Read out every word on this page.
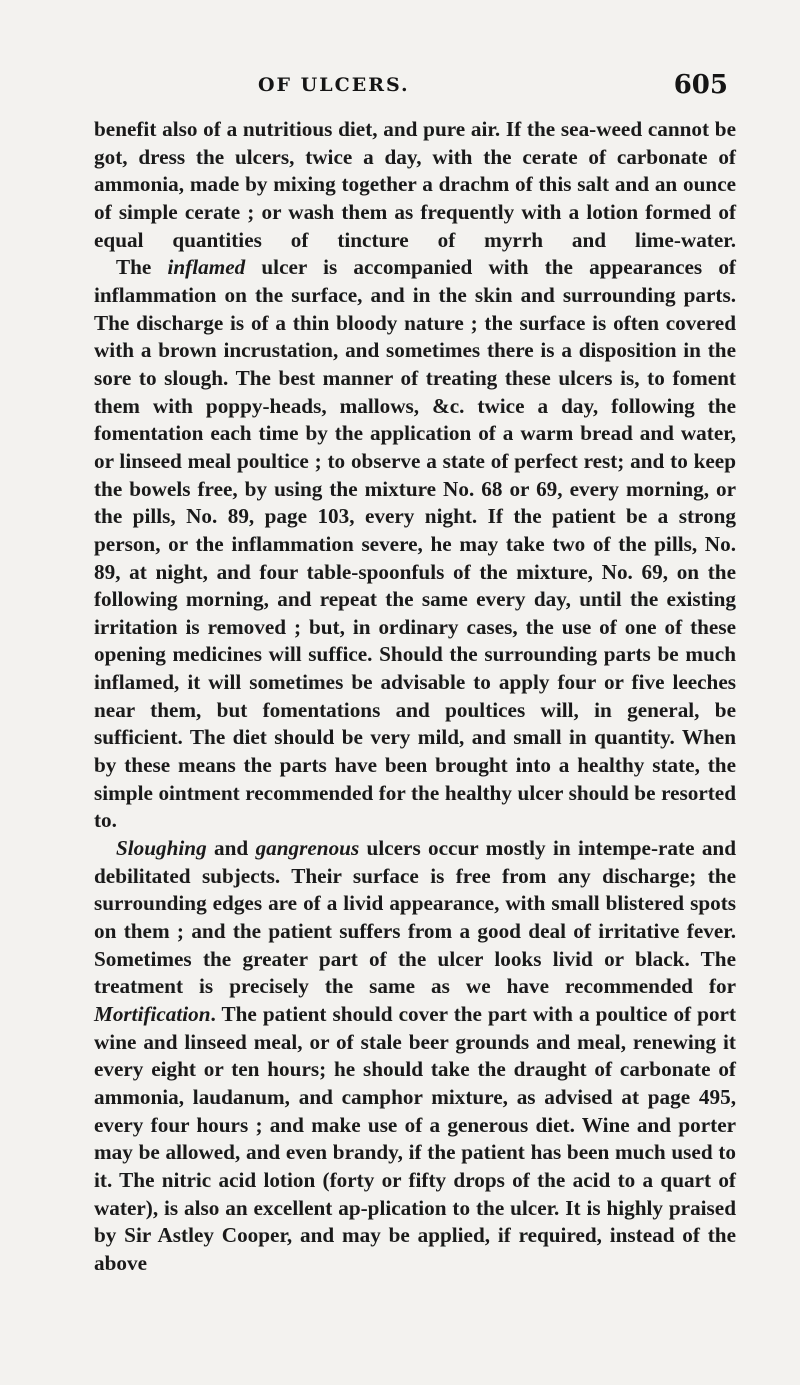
OF ULCERS.	605

benefit also of a nutritious diet, and pure air. If the sea-weed cannot be got, dress the ulcers, twice a day, with the cerate of carbonate of ammonia, made by mixing together a drachm of this salt and an ounce of simple cerate ; or wash them as frequently with a lotion formed of equal quantities of tincture of myrrh and lime-water.

The inflamed ulcer is accompanied with the appearances of inflammation on the surface, and in the skin and surrounding parts. The discharge is of a thin bloody nature ; the surface is often covered with a brown incrustation, and sometimes there is a disposition in the sore to slough. The best manner of treating these ulcers is, to foment them with poppy-heads, mallows, &c. twice a day, following the fomentation each time by the application of a warm bread and water, or linseed meal poultice ; to observe a state of perfect rest; and to keep the bowels free, by using the mixture No. 68 or 69, every morning, or the pills, No. 89, page 103, every night. If the patient be a strong person, or the inflammation severe, he may take two of the pills, No. 89, at night, and four table-spoonfuls of the mixture, No. 69, on the following morning, and repeat the same every day, until the existing irritation is removed ; but, in ordinary cases, the use of one of these opening medicines will suffice. Should the surrounding parts be much inflamed, it will sometimes be advisable to apply four or five leeches near them, but fomentations and poultices will, in general, be sufficient. The diet should be very mild, and small in quantity. When by these means the parts have been brought into a healthy state, the simple ointment recommended for the healthy ulcer should be resorted to.

Sloughing and gangrenous ulcers occur mostly in intempe-rate and debilitated subjects. Their surface is free from any discharge; the surrounding edges are of a livid appearance, with small blistered spots on them ; and the patient suffers from a good deal of irritative fever. Sometimes the greater part of the ulcer looks livid or black. The treatment is precisely the same as we have recommended for Mortification. The patient should cover the part with a poultice of port wine and linseed meal, or of stale beer grounds and meal, renewing it every eight or ten hours; he should take the draught of carbonate of ammonia, laudanum, and camphor mixture, as advised at page 495, every four hours ; and make use of a generous diet. Wine and porter may be allowed, and even brandy, if the patient has been much used to it. The nitric acid lotion (forty or fifty drops of the acid to a quart of water), is also an excellent ap-plication to the ulcer. It is highly praised by Sir Astley Cooper, and may be applied, if required, instead of the above
